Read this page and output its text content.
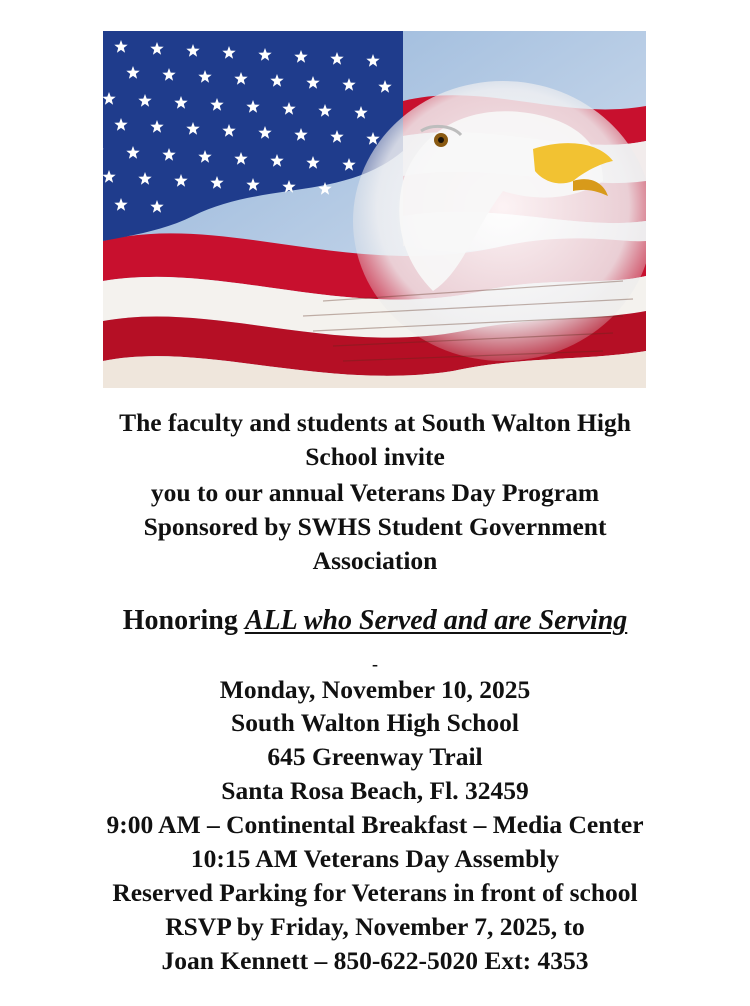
The faculty and students at South Walton High
School invite
you to our annual Veterans Day Program
Sponsored by SWHS Student Government
Association
Honoring ALL who Served and are Serving
-
Monday, November 10, 2025
South Walton High School
645 Greenway Trail
Santa Rosa Beach, Fl. 32459
9:00 AM – Continental Breakfast – Media Center
10:15 AM Veterans Day Assembly
Reserved Parking for Veterans in front of school
RSVP by Friday, November 7, 2025, to
Joan Kennett – 850-622-5020 Ext: 4353
